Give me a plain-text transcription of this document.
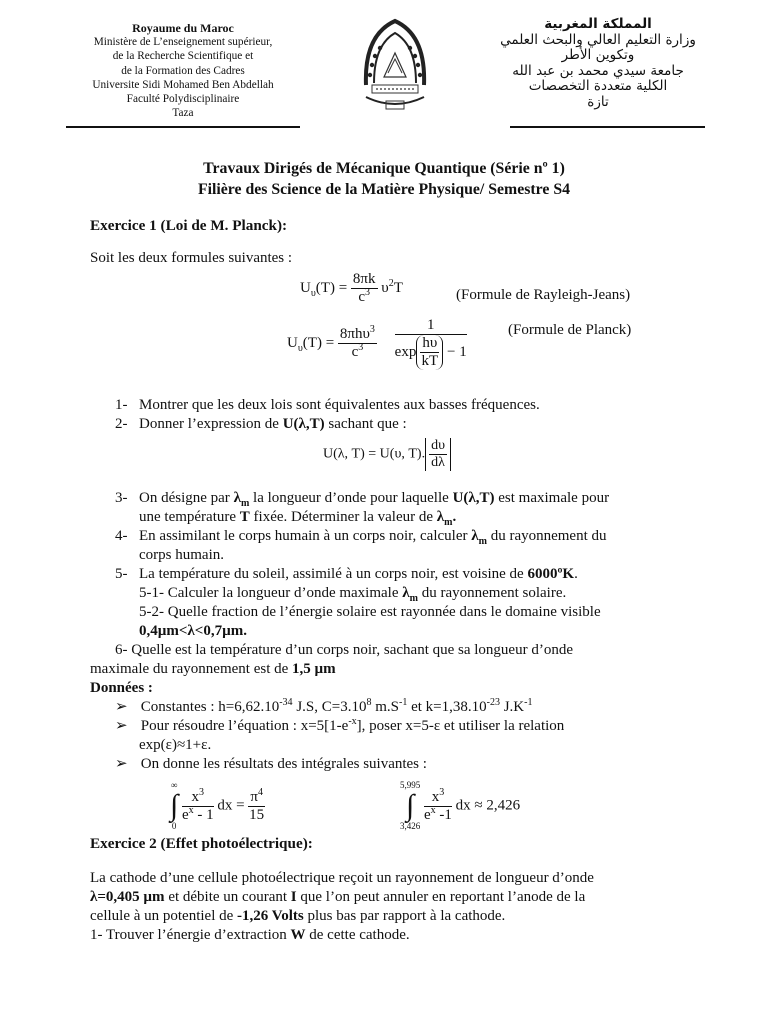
Royaume du Maroc
Ministère de L’enseignement supérieur,
de la Recherche Scientifique et
de la Formation des Cadres
Universite Sidi Mohamed Ben Abdellah
Faculté Polydisciplinaire
Taza
المملكة المغربية
وزارة التعليم العالي والبحث العلمي
وتكوين الأطر
جامعة سيدي محمد بن عبد الله
الكلية متعددة التخصصات
تازة
Travaux Dirigés de Mécanique Quantique (Série nº 1)
Filière des Science de la Matière Physique/ Semestre S4
Exercice 1 (Loi de M. Planck):
Soit les deux formules suivantes :
$U_\upsilon(T) = \frac{8\pi k}{c^3} \upsilon^2T$	(Formule de Rayleigh-Jeans)
$U_\upsilon(T) = \frac{8\pi h\upsilon^3}{c^3}$
$\frac{1}{\exp \frac{h\upsilon}{kT} - 1}$	(Formule de Planck)
1- Montrer que les deux lois sont équivalentes aux basses fréquences.
2- Donner l’expression de U(λ,T) sachant que :
U(λ, T) = U(υ, T). $\frac{d\upsilon}{d\lambda}$
3- On désigne par $\lambda_m$ la longueur d’onde pour laquelle U(λ,T) est maximale pour
une température T fixée. Déterminer la valeur de $\lambda_m$.
4- En assimilant le corps humain à un corps noir, calculer $\lambda_m$ du rayonnement du
corps humain.
5- La température du soleil, assimilé à un corps noir, est voisine de 6000ºK.
5-1- Calculer la longueur d’onde maximale $\lambda_m$ du rayonnement solaire.
5-2- Quelle fraction de l’énergie solaire est rayonnée dans le domaine visible
0,4µm<λ<0,7µm.
6- Quelle est la température d’un corps noir, sachant que sa longueur d’onde
maximale du rayonnement est de 1,5 µm
Données :
➢ Constantes : $h=6,62.10^{-34}$ J.S, $C=3.10^8$ $m.S^{-1}$ et $k=1,38.10^{-23}$ $J.K^{-1}$
➢ Pour résoudre l’équation : $x=5[1-e^{-x}]$, poser x=5-ε et utiliser la relation
exp(ε)≈1+ε.
➢ On donne les résultats des intégrales suivantes :
∞
∫
0

$\frac{x^3}{e^x - 1}$ dx = $\frac{\pi^4}{15}$
5,995
∫
3,426

$\frac{x^3}{e^x -1}$ dx ≈ 2,426
Exercice 2 (Effet photoélectrique):
La cathode d’une cellule photoélectrique reçoit un rayonnement de longueur d’onde
λ=0,405 µm et débite un courant I que l’on peut annuler en reportant l’anode de la
cellule à un potentiel de -1,26 Volts plus bas par rapport à la cathode.
1- Trouver l’énergie d’extraction W de cette cathode.
